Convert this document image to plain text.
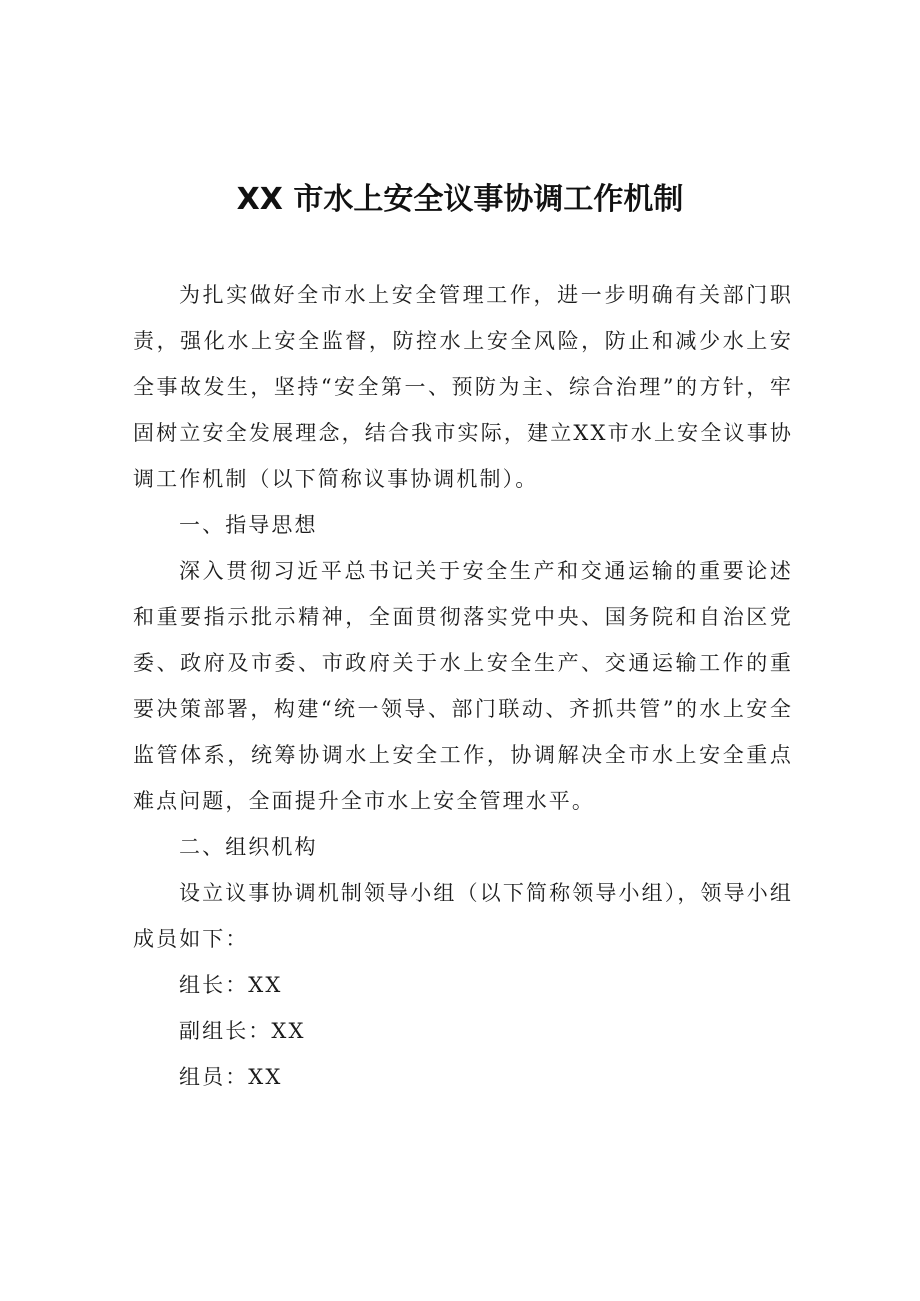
XX 市水上安全议事协调工作机制

为扎实做好全市水上安全管理工作，进一步明确有关部门职责，强化水上安全监督，防控水上安全风险，防止和减少水上安全事故发生，坚持“安全第一、预防为主、综合治理”的方针，牢固树立安全发展理念，结合我市实际，建立XX市水上安全议事协调工作机制（以下简称议事协调机制）。

一、指导思想

深入贯彻习近平总书记关于安全生产和交通运输的重要论述和重要指示批示精神，全面贯彻落实党中央、国务院和自治区党委、政府及市委、市政府关于水上安全生产、交通运输工作的重要决策部署，构建“统一领导、部门联动、齐抓共管”的水上安全监管体系，统筹协调水上安全工作，协调解决全市水上安全重点难点问题，全面提升全市水上安全管理水平。

二、组织机构

设立议事协调机制领导小组（以下简称领导小组），领导小组成员如下：

组长：XX

副组长：XX

组员：XX
